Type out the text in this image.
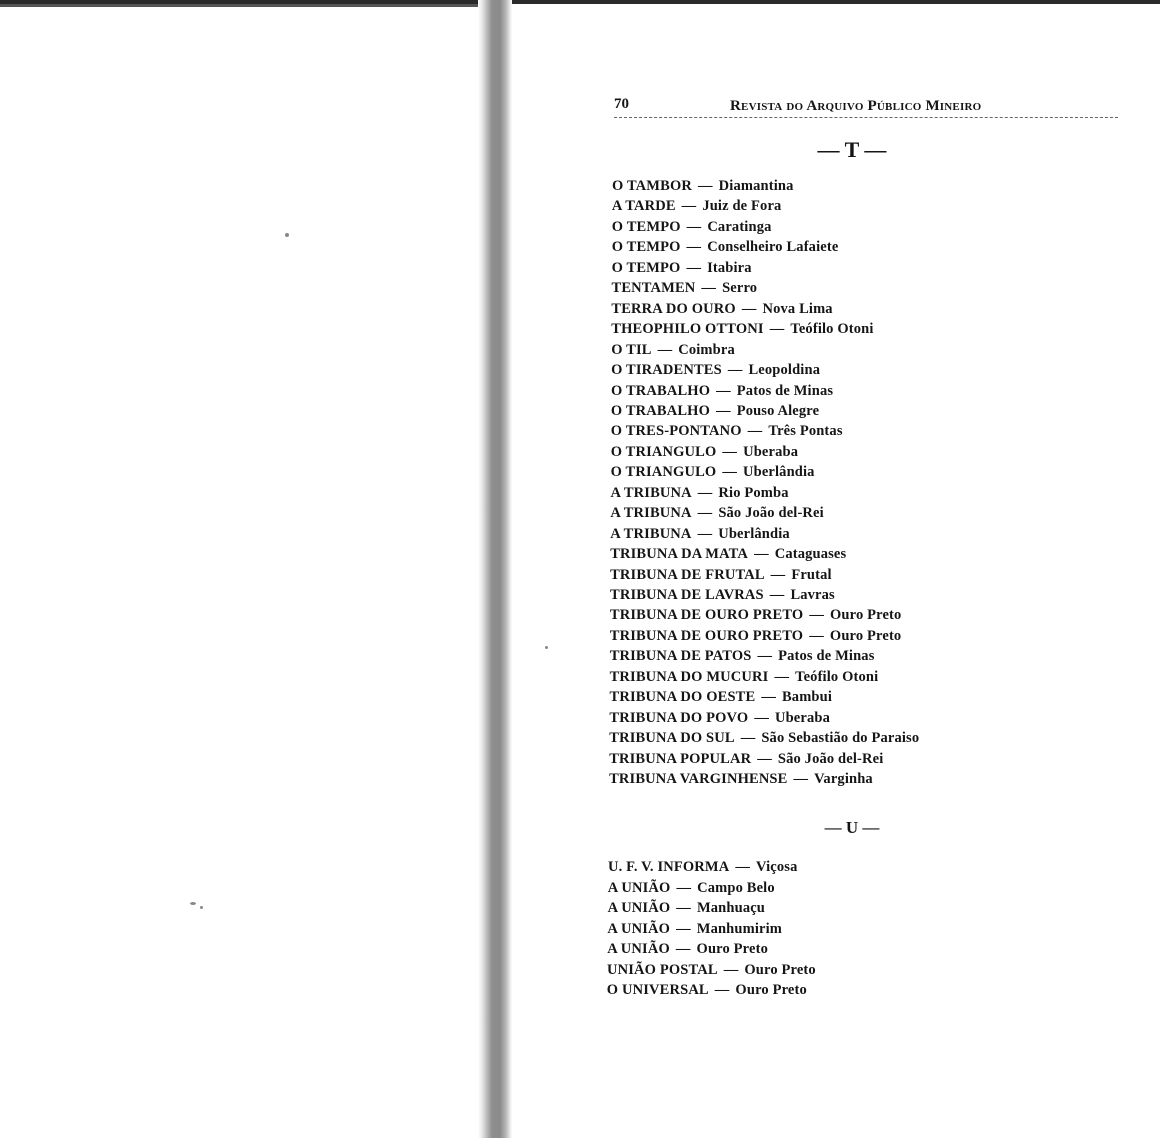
70	Revista do Arquivo Público Mineiro
— T —
O TAMBOR — Diamantina
A TARDE — Juiz de Fora
O TEMPO — Caratinga
O TEMPO — Conselheiro Lafaiete
O TEMPO — Itabira
TENTAMEN — Serro
TERRA DO OURO — Nova Lima
THEOPHILO OTTONI — Teófilo Otoni
O TIL — Coimbra
O TIRADENTES — Leopoldina
O TRABALHO — Patos de Minas
O TRABALHO — Pouso Alegre
O TRES-PONTANO — Três Pontas
O TRIANGULO — Uberaba
O TRIANGULO — Uberlândia
A TRIBUNA — Rio Pomba
A TRIBUNA — São João del-Rei
A TRIBUNA — Uberlândia
TRIBUNA DA MATA — Cataguases
TRIBUNA DE FRUTAL — Frutal
TRIBUNA DE LAVRAS — Lavras
TRIBUNA DE OURO PRETO — Ouro Preto
TRIBUNA DE OURO PRETO — Ouro Preto
TRIBUNA DE PATOS — Patos de Minas
TRIBUNA DO MUCURI — Teófilo Otoni
TRIBUNA DO OESTE — Bambui
TRIBUNA DO POVO — Uberaba
TRIBUNA DO SUL — São Sebastião do Paraiso
TRIBUNA POPULAR — São João del-Rei
TRIBUNA VARGINHENSE — Varginha
— U —
U. F. V. INFORMA — Viçosa
A UNIÃO — Campo Belo
A UNIÃO — Manhuaçu
A UNIÃO — Manhumirim
A UNIÃO — Ouro Preto
UNIÃO POSTAL — Ouro Preto
O UNIVERSAL — Ouro Preto
